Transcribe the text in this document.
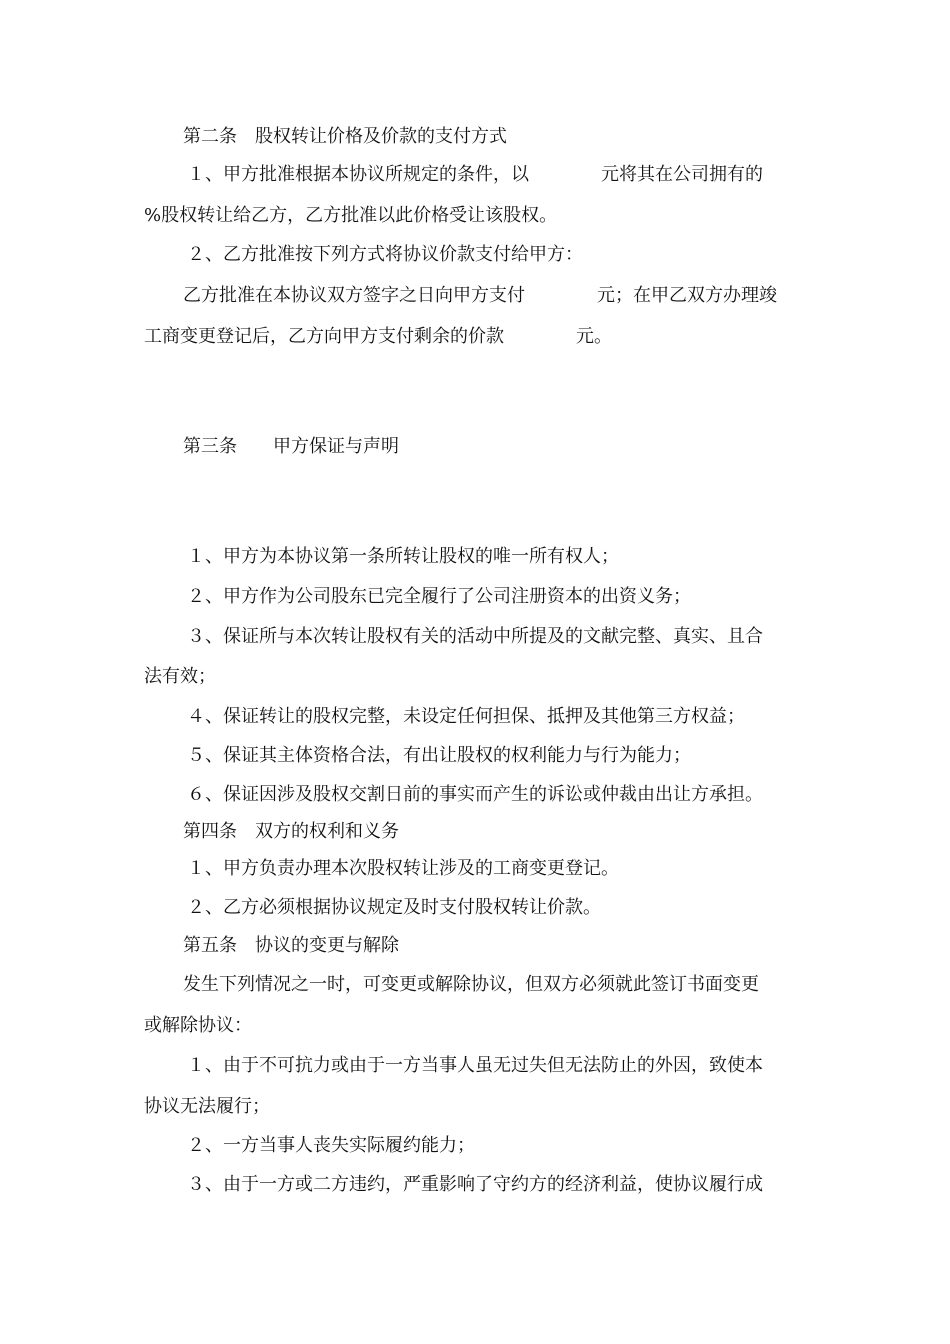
第二条　股权转让价格及价款的支付方式
１、甲方批准根据本协议所规定的条件，以　　　　元将其在公司拥有的
%股权转让给乙方，乙方批准以此价格受让该股权。
２、乙方批准按下列方式将协议价款支付给甲方：
乙方批准在本协议双方签字之日向甲方支付　　　　元；在甲乙双方办理竣
工商变更登记后，乙方向甲方支付剩余的价款　　　　元。
第三条　　甲方保证与声明
１、甲方为本协议第一条所转让股权的唯一所有权人；
２、甲方作为公司股东已完全履行了公司注册资本的出资义务；
３、保证所与本次转让股权有关的活动中所提及的文献完整、真实、且合
法有效；
４、保证转让的股权完整，未设定任何担保、抵押及其他第三方权益；
５、保证其主体资格合法，有出让股权的权利能力与行为能力；
６、保证因涉及股权交割日前的事实而产生的诉讼或仲裁由出让方承担。
第四条　双方的权利和义务
１、甲方负责办理本次股权转让涉及的工商变更登记。
２、乙方必须根据协议规定及时支付股权转让价款。
第五条　协议的变更与解除
发生下列情况之一时，可变更或解除协议，但双方必须就此签订书面变更
或解除协议：
１、由于不可抗力或由于一方当事人虽无过失但无法防止的外因，致使本
协议无法履行；
２、一方当事人丧失实际履约能力；
３、由于一方或二方违约，严重影响了守约方的经济利益，使协议履行成
